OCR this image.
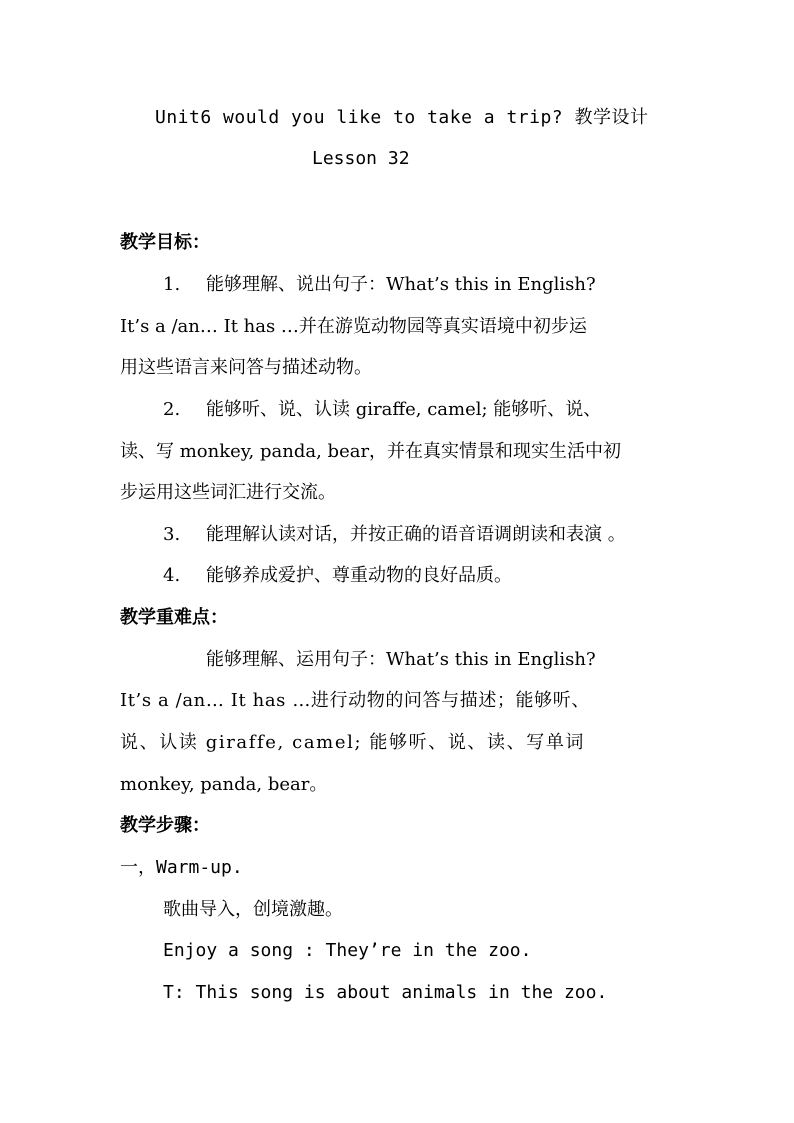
Unit6 would you like to take a trip? 教学设计
Lesson 32
教学目标：
1.	能够理解、说出句子：What’s this in English?
It’s a /an… It has …并在游览动物园等真实语境中初步运
用这些语言来问答与描述动物。
2.	能够听、说、认读 giraffe, camel; 能够听、说、
读、写 monkey, panda, bear，并在真实情景和现实生活中初
步运用这些词汇进行交流。
3.	能理解认读对话，并按正确的语音语调朗读和表演 。
4.	能够养成爱护、尊重动物的良好品质。
教学重难点：
能够理解、运用句子：What’s this in English?
It’s a /an… It has …进行动物的问答与描述；能够听、
说、认读 giraffe, camel; 能够听、说、读、写单词
monkey, panda, bear。
教学步骤：
一，Warm-up.
歌曲导入，创境激趣。
Enjoy a song : They’re in the zoo.
T: This song is about animals in the zoo.
